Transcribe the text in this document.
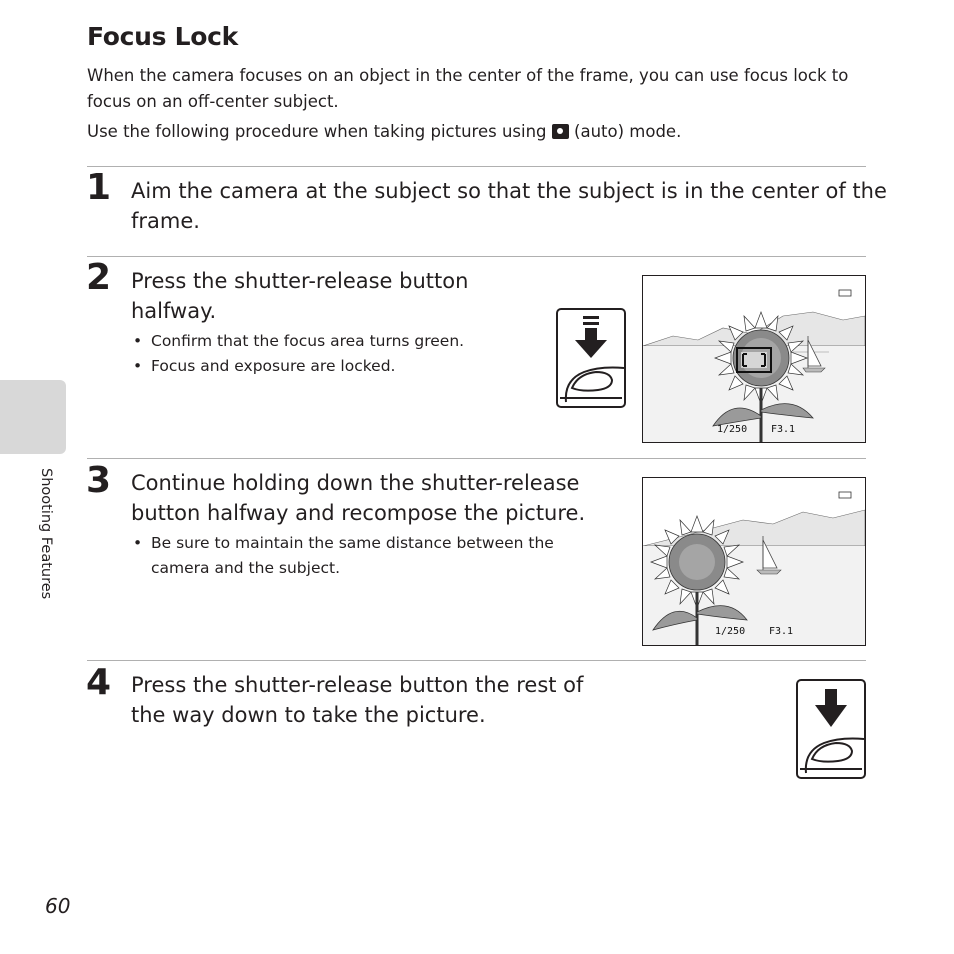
Focus Lock
When the camera focuses on an object in the center of the frame, you can use focus lock to
focus on an off-center subject.
Use the following procedure when taking pictures using (auto) mode.
1 Aim the camera at the subject so that the subject is in the center of the
frame.
2 Press the shutter-release button
halfway.
• Confirm that the focus area turns green.
• Focus and exposure are locked.
1/250 F3.1
3 Continue holding down the shutter-release
button halfway and recompose the picture.
• Be sure to maintain the same distance between the
camera and the subject.
1/250 F3.1
4 Press the shutter-release button the rest of
the way down to take the picture.
Shooting Features
60
